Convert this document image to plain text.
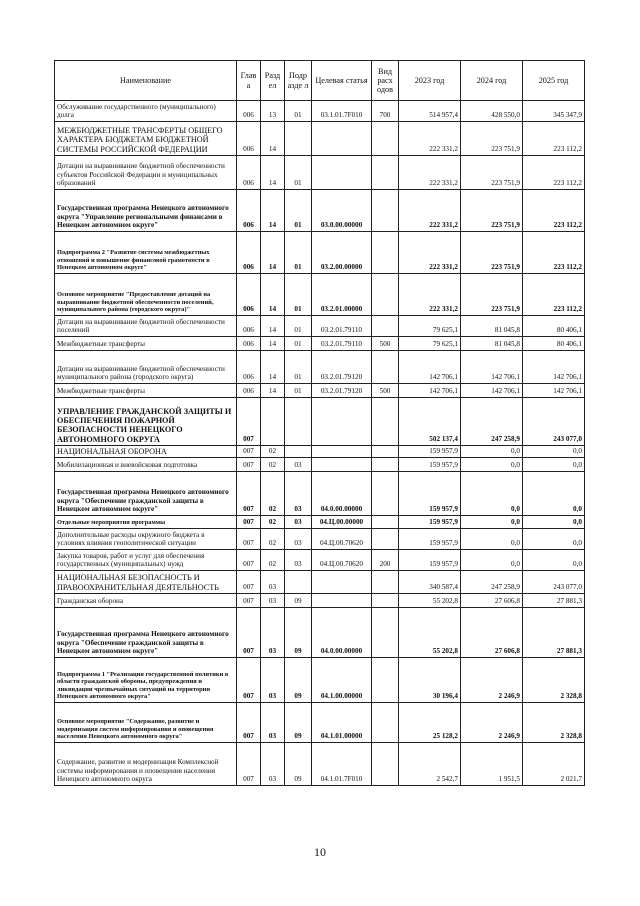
Наименование	Глав а	Разд ел	Подр азде л	Целевая статья	Вид расх одов	2023 год	2024 год	2025 год
Обслуживание государственного (муниципального) долга	006	13	01	03.1.01.7F010	700	514 957,4	428 550,0	345 347,9
МЕЖБЮДЖЕТНЫЕ ТРАНСФЕРТЫ ОБЩЕГО ХАРАКТЕРА БЮДЖЕТАМ БЮДЖЕТНОЙ СИСТЕМЫ РОССИЙСКОЙ ФЕДЕРАЦИИ	006	14				222 331,2	223 751,9	223 112,2
Дотации на выравнивание бюджетной обеспеченности субъектов Российской Федерации и муниципальных образований	006	14	01			222 331,2	223 751,9	223 112,2
Государственная программа Ненецкого автономного округа "Управление региональными финансами в Ненецком автономном округе"	006	14	01	03.0.00.00000		222 331,2	223 751,9	223 112,2
Подпрограмма 2 "Развитие системы межбюджетных отношений и повышение финансовой грамотности в Ненецком автономном округе"	006	14	01	03.2.00.00000		222 331,2	223 751,9	223 112,2
Основное мероприятие "Предоставление дотаций на выравнивание бюджетной обеспеченности поселений, муниципального района (городского округа)"	006	14	01	03.2.01.00000		222 331,2	223 751,9	223 112,2
Дотации на выравнивание бюджетной обеспеченности поселений	006	14	01	03.2.01.79110		79 625,1	81 045,8	80 406,1
Межбюджетные трансферты	006	14	01	03.2.01.79110	500	79 625,1	81 045,8	80 406,1
Дотации на выравнивание бюджетной обеспеченности муниципального района (городского округа)	006	14	01	03.2.01.79120		142 706,1	142 706,1	142 706,1
Межбюджетные трансферты	006	14	01	03.2.01.79120	500	142 706,1	142 706,1	142 706,1
УПРАВЛЕНИЕ ГРАЖДАНСКОЙ ЗАЩИТЫ И ОБЕСПЕЧЕНИЯ ПОЖАРНОЙ БЕЗОПАСНОСТИ НЕНЕЦКОГО АВТОНОМНОГО ОКРУГА	007					502 137,4	247 258,9	243 077,0
НАЦИОНАЛЬНАЯ ОБОРОНА	007	02				159 957,9	0,0	0,0
Мобилизационная и вневойсковая подготовка	007	02	03			159 957,9	0,0	0,0
Государственная программа Ненецкого автономного округа "Обеспечение гражданской защиты в Ненецком автономном округе"	007	02	03	04.0.00.00000		159 957,9	0,0	0,0
Отдельные мероприятия программы	007	02	03	04.Ц.00.00000		159 957,9	0,0	0,0
Дополнительные расходы окружного бюджета в условиях влияния геополитической ситуации	007	02	03	04.Ц.00.70620		159 957,9	0,0	0,0
Закупка товаров, работ и услуг для обеспечения государственных (муниципальных) нужд	007	02	03	04.Ц.00.70620	200	159 957,9	0,0	0,0
НАЦИОНАЛЬНАЯ БЕЗОПАСНОСТЬ И ПРАВООХРАНИТЕЛЬНАЯ ДЕЯТЕЛЬНОСТЬ	007	03				340 587,4	247 258,9	243 077,0
Гражданская оборона	007	03	09			55 202,8	27 606,8	27 881,3
Государственная программа Ненецкого автономного округа "Обеспечение гражданской защиты в Ненецком автономном округе"	007	03	09	04.0.00.00000		55 202,8	27 606,8	27 881,3
Подпрограмма 1 "Реализация государственной политики в области гражданской обороны, предупреждения и ликвидации чрезвычайных ситуаций на территории Ненецкого автономного округа"	007	03	09	04.1.00.00000		30 196,4	2 246,9	2 328,8
Основное мероприятие "Содержание, развитие и модернизация систем информирования и оповещения населения Ненецкого автономного округа"	007	03	09	04.1.01.00000		25 128,2	2 246,9	2 328,8
Содержание, развитие и модернизация Комплексной системы информирования и оповещения населения Ненецкого автономного округа	007	03	09	04.1.01.7F010		2 542,7	1 951,5	2 021,7
10
